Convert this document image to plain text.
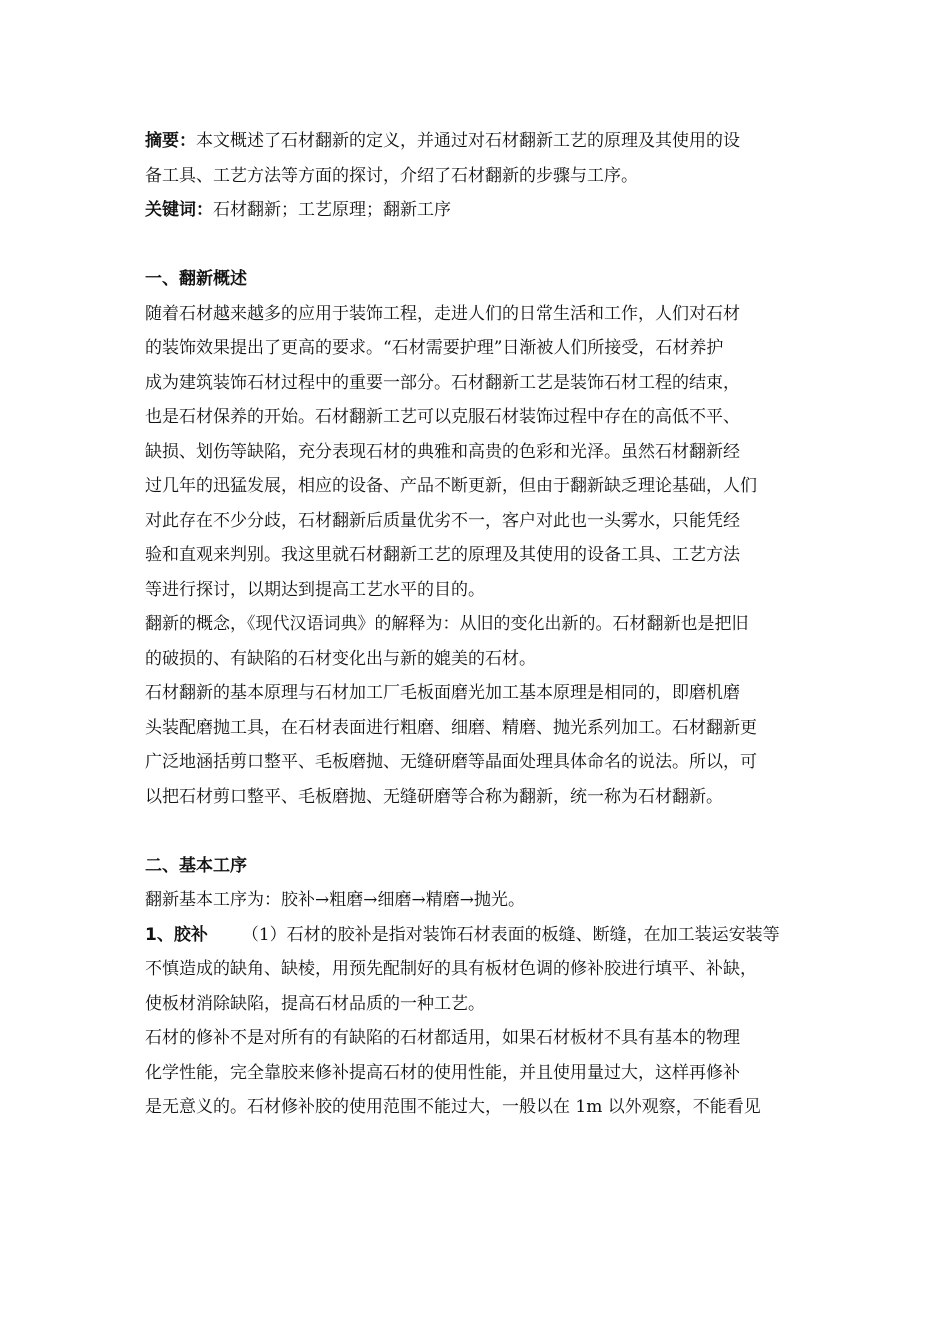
摘要：本文概述了石材翻新的定义，并通过对石材翻新工艺的原理及其使用的设
备工具、工艺方法等方面的探讨，介绍了石材翻新的步骤与工序。
关键词：石材翻新；工艺原理；翻新工序
一、翻新概述
随着石材越来越多的应用于装饰工程，走进人们的日常生活和工作，人们对石材
的装饰效果提出了更高的要求。“石材需要护理”日渐被人们所接受，石材养护
成为建筑装饰石材过程中的重要一部分。石材翻新工艺是装饰石材工程的结束，
也是石材保养的开始。石材翻新工艺可以克服石材装饰过程中存在的高低不平、
缺损、划伤等缺陷，充分表现石材的典雅和高贵的色彩和光泽。虽然石材翻新经
过几年的迅猛发展，相应的设备、产品不断更新，但由于翻新缺乏理论基础，人们
对此存在不少分歧，石材翻新后质量优劣不一，客户对此也一头雾水，只能凭经
验和直观来判别。我这里就石材翻新工艺的原理及其使用的设备工具、工艺方法
等进行探讨，以期达到提高工艺水平的目的。
翻新的概念，《现代汉语词典》的解释为：从旧的变化出新的。石材翻新也是把旧
的破损的、有缺陷的石材变化出与新的媲美的石材。
石材翻新的基本原理与石材加工厂毛板面磨光加工基本原理是相同的，即磨机磨
头装配磨抛工具，在石材表面进行粗磨、细磨、精磨、抛光系列加工。石材翻新更
广泛地涵括剪口整平、毛板磨抛、无缝研磨等晶面处理具体命名的说法。所以，可
以把石材剪口整平、毛板磨抛、无缝研磨等合称为翻新，统一称为石材翻新。
二、基本工序
翻新基本工序为：胶补→粗磨→细磨→精磨→抛光。
1、胶补 （1）石材的胶补是指对装饰石材表面的板缝、断缝，在加工装运安装等
不慎造成的缺角、缺棱，用预先配制好的具有板材色调的修补胶进行填平、补缺，
使板材消除缺陷，提高石材品质的一种工艺。
石材的修补不是对所有的有缺陷的石材都适用，如果石材板材不具有基本的物理
化学性能，完全靠胶来修补提高石材的使用性能，并且使用量过大，这样再修补
是无意义的。石材修补胶的使用范围不能过大，一般以在 1m 以外观察，不能看见
